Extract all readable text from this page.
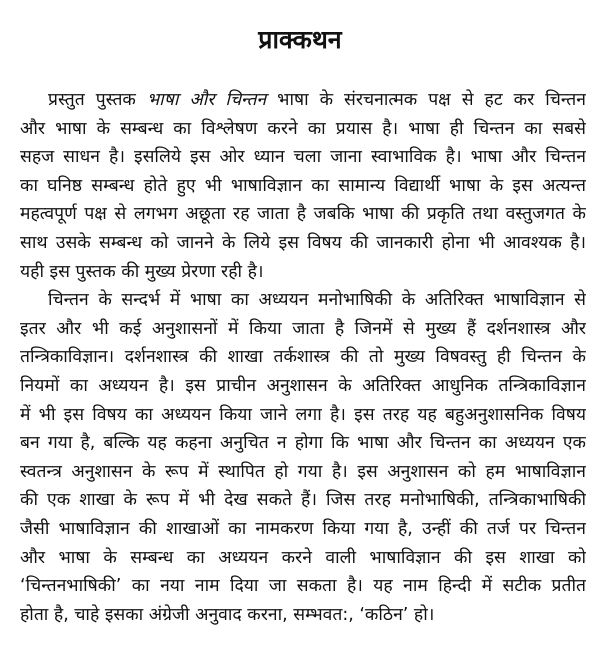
प्राक्कथन
प्रस्तुत पुस्तक भाषा और चिन्तन भाषा के संरचनात्मक पक्ष से हट कर चिन्तन
और भाषा के सम्बन्ध का विश्लेषण करने का प्रयास है। भाषा ही चिन्तन का सबसे
सहज साधन है। इसलिये इस ओर ध्यान चला जाना स्वाभाविक है। भाषा और चिन्तन
का घनिष्ठ सम्बन्ध होते हुए भी भाषाविज्ञान का सामान्य विद्यार्थी भाषा के इस अत्यन्त
महत्वपूर्ण पक्ष से लगभग अछूता रह जाता है जबकि भाषा की प्रकृति तथा वस्तुजगत के
साथ उसके सम्बन्ध को जानने के लिये इस विषय की जानकारी होना भी आवश्यक है।
यही इस पुस्तक की मुख्य प्रेरणा रही है।
चिन्तन के सन्दर्भ में भाषा का अध्ययन मनोभाषिकी के अतिरिक्त भाषाविज्ञान से
इतर और भी कई अनुशासनों में किया जाता है जिनमें से मुख्य हैं दर्शनशास्त्र और
तन्त्रिकाविज्ञान। दर्शनशास्त्र की शाखा तर्कशास्त्र की तो मुख्य विषवस्तु ही चिन्तन के
नियमों का अध्ययन है। इस प्राचीन अनुशासन के अतिरिक्त आधुनिक तन्त्रिकाविज्ञान
में भी इस विषय का अध्ययन किया जाने लगा है। इस तरह यह बहुअनुशासनिक विषय
बन गया है, बल्कि यह कहना अनुचित न होगा कि भाषा और चिन्तन का अध्ययन एक
स्वतन्त्र अनुशासन के रूप में स्थापित हो गया है। इस अनुशासन को हम भाषाविज्ञान
की एक शाखा के रूप में भी देख सकते हैं। जिस तरह मनोभाषिकी, तन्त्रिकाभाषिकी
जैसी भाषाविज्ञान की शाखाओं का नामकरण किया गया है, उन्हीं की तर्ज पर चिन्तन
और भाषा के सम्बन्ध का अध्ययन करने वाली भाषाविज्ञान की इस शाखा को
‘चिन्तनभाषिकी’ का नया नाम दिया जा सकता है। यह नाम हिन्दी में सटीक प्रतीत
होता है, चाहे इसका अंग्रेजी अनुवाद करना, सम्भवत:, ‘कठिन’ हो।
